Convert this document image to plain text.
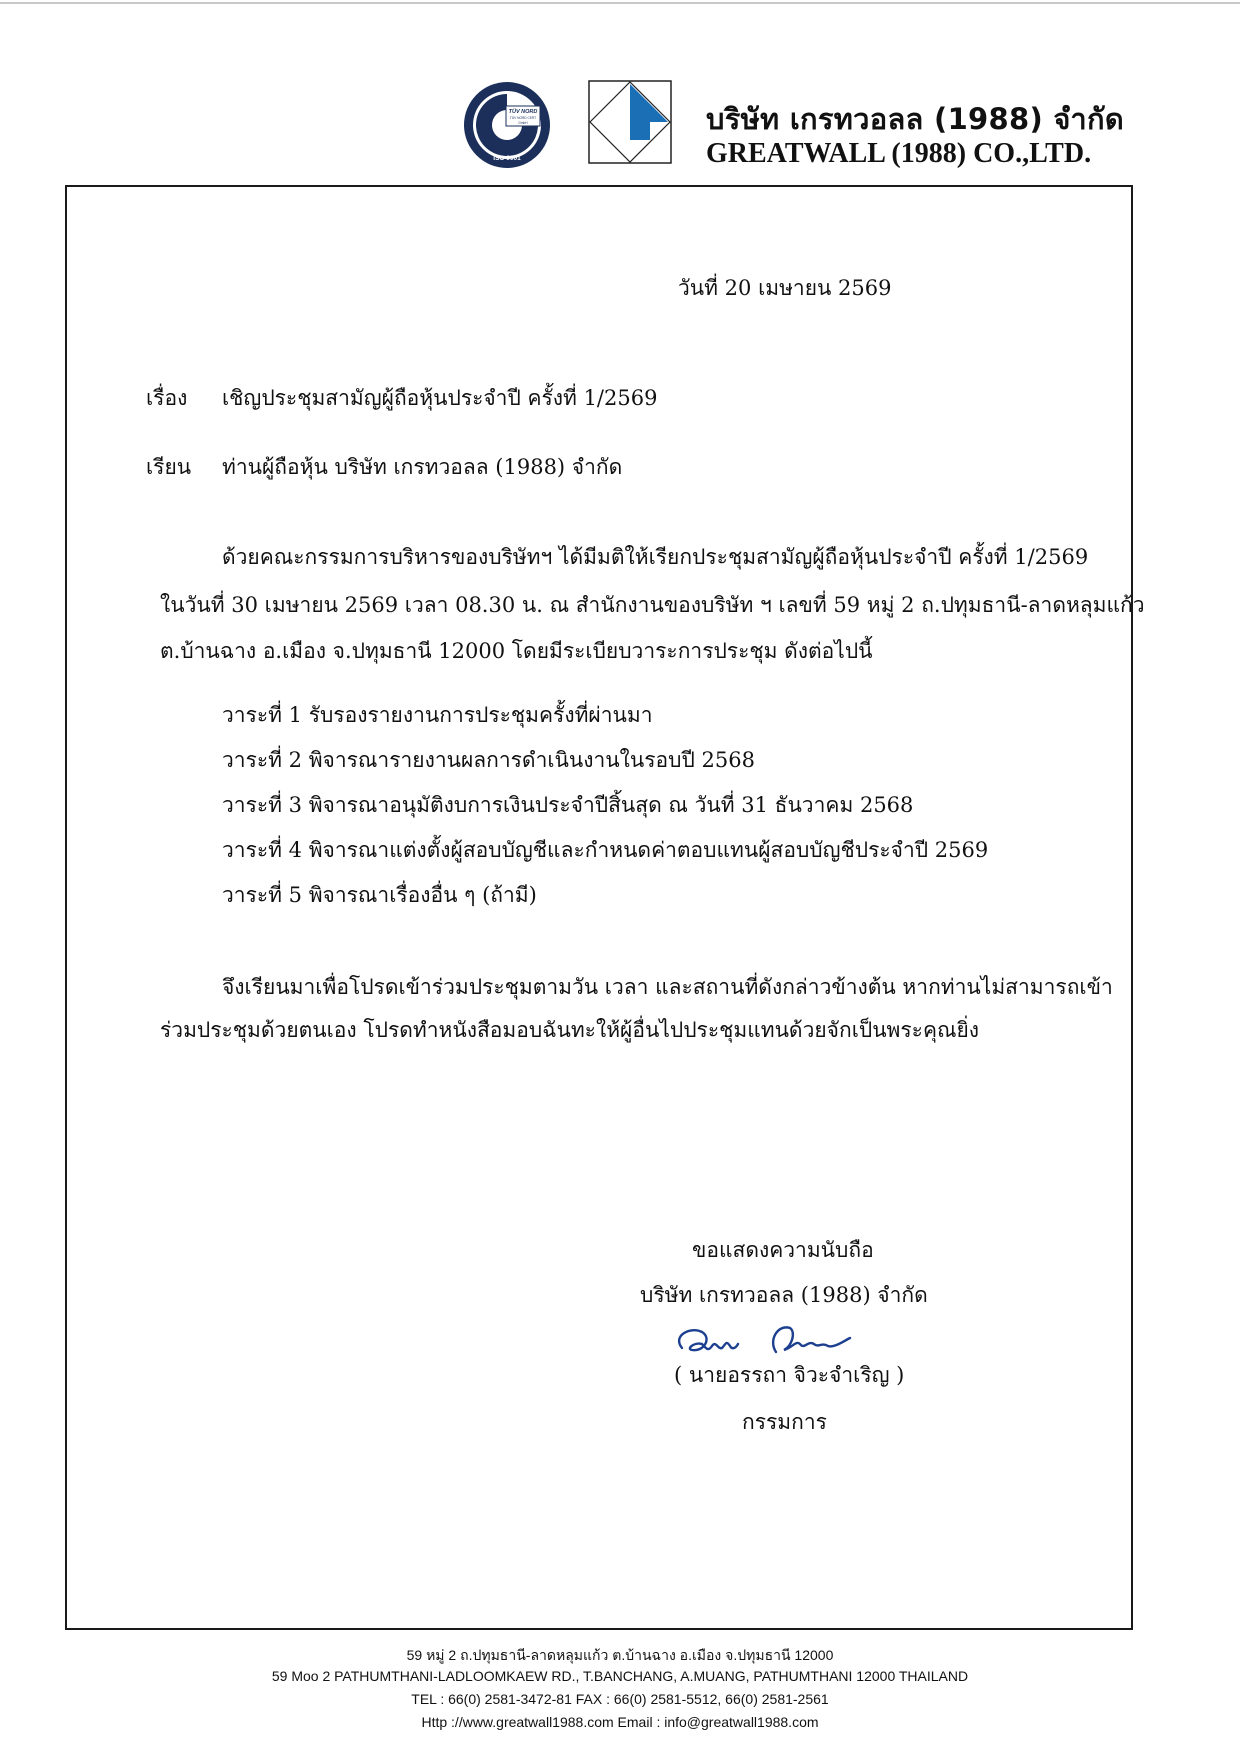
TÜV NORD
TÜV NORD CERT
GmbH
ISO 9001
บริษัท เกรทวอลล (1988) จำกัด
GREATWALL (1988) CO.,LTD.
วันที่ 20 เมษายน 2569
เรื่อง เชิญประชุมสามัญผู้ถือหุ้นประจำปี ครั้งที่ 1/2569
เรียน ท่านผู้ถือหุ้น บริษัท เกรทวอลล (1988) จำกัด
ด้วยคณะกรรมการบริหารของบริษัทฯ ได้มีมติให้เรียกประชุมสามัญผู้ถือหุ้นประจำปี ครั้งที่ 1/2569
ในวันที่ 30 เมษายน 2569 เวลา 08.30 น. ณ สำนักงานของบริษัท ฯ เลขที่ 59 หมู่ 2 ถ.ปทุมธานี-ลาดหลุมแก้ว
ต.บ้านฉาง อ.เมือง จ.ปทุมธานี 12000 โดยมีระเบียบวาระการประชุม ดังต่อไปนี้
วาระที่ 1 รับรองรายงานการประชุมครั้งที่ผ่านมา
วาระที่ 2 พิจารณารายงานผลการดำเนินงานในรอบปี 2568
วาระที่ 3 พิจารณาอนุมัติงบการเงินประจำปีสิ้นสุด ณ วันที่ 31 ธันวาคม 2568
วาระที่ 4 พิจารณาแต่งตั้งผู้สอบบัญชีและกำหนดค่าตอบแทนผู้สอบบัญชีประจำปี 2569
วาระที่ 5 พิจารณาเรื่องอื่น ๆ (ถ้ามี)
จึงเรียนมาเพื่อโปรดเข้าร่วมประชุมตามวัน เวลา และสถานที่ดังกล่าวข้างต้น หากท่านไม่สามารถเข้า
ร่วมประชุมด้วยตนเอง โปรดทำหนังสือมอบฉันทะให้ผู้อื่นไปประชุมแทนด้วยจักเป็นพระคุณยิ่ง
ขอแสดงความนับถือ
บริษัท เกรทวอลล (1988) จำกัด
( นายอรรถา จิวะจำเริญ )
กรรมการ
59 หมู่ 2 ถ.ปทุมธานี-ลาดหลุมแก้ว ต.บ้านฉาง อ.เมือง จ.ปทุมธานี 12000
59 Moo 2 PATHUMTHANI-LADLOOMKAEW RD., T.BANCHANG, A.MUANG, PATHUMTHANI 12000 THAILAND
TEL : 66(0) 2581-3472-81 FAX : 66(0) 2581-5512, 66(0) 2581-2561
Http ://www.greatwall1988.com Email : info@greatwall1988.com
